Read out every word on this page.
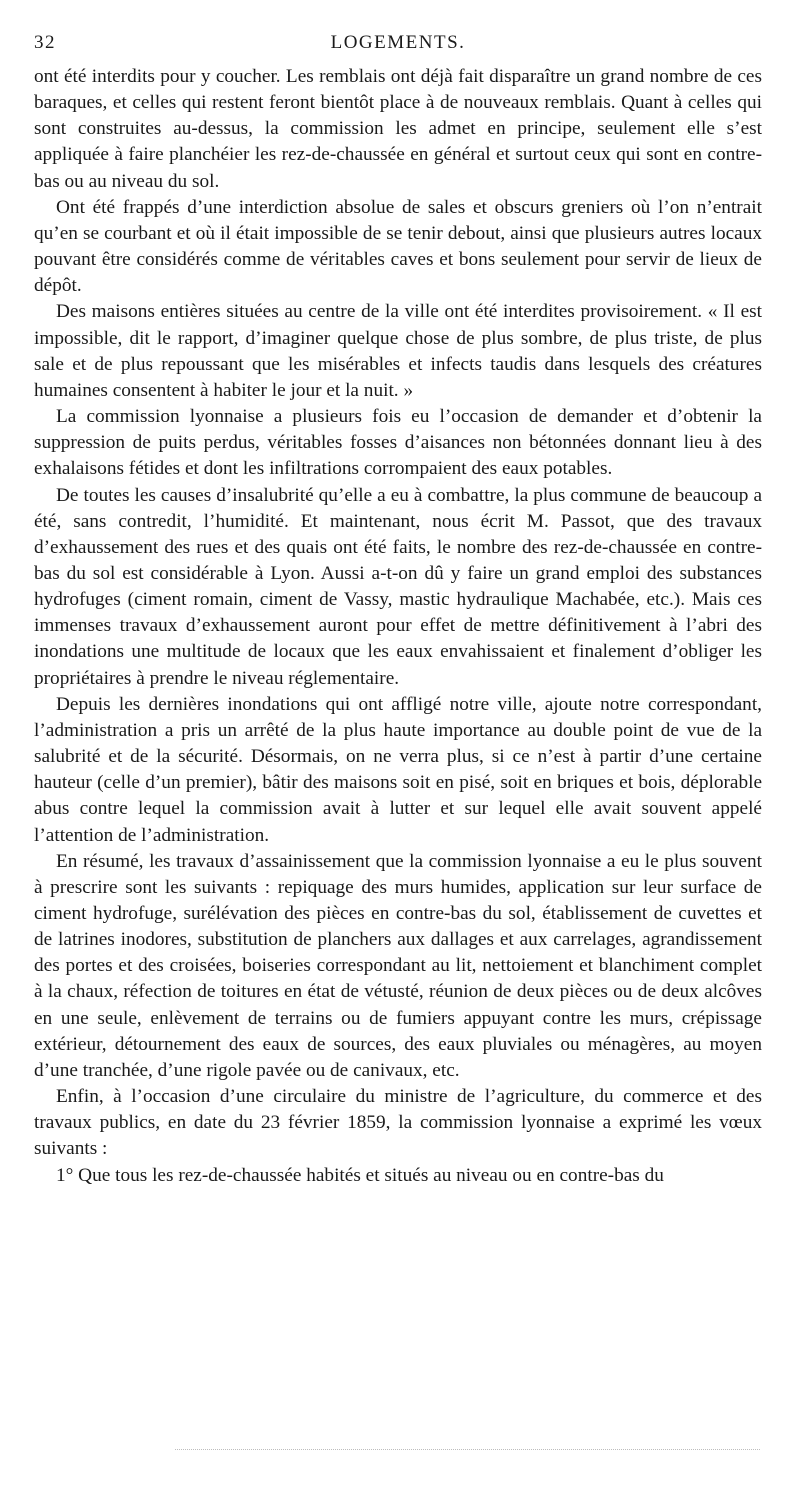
32	LOGEMENTS.

ont été interdits pour y coucher. Les remblais ont déjà fait disparaître un grand nombre de ces baraques, et celles qui restent feront bientôt place à de nouveaux remblais. Quant à celles qui sont construites au-dessus, la commission les admet en principe, seulement elle s’est appliquée à faire planchéier les rez-de-chaussée en général et surtout ceux qui sont en contre-bas ou au niveau du sol.

Ont été frappés d’une interdiction absolue de sales et obscurs greniers où l’on n’entrait qu’en se courbant et où il était impossible de se tenir debout, ainsi que plusieurs autres locaux pouvant être considérés comme de véritables caves et bons seulement pour servir de lieux de dépôt.

Des maisons entières situées au centre de la ville ont été interdites provisoirement. « Il est impossible, dit le rapport, d’imaginer quelque chose de plus sombre, de plus triste, de plus sale et de plus repoussant que les misérables et infects taudis dans lesquels des créatures humaines consentent à habiter le jour et la nuit. »

La commission lyonnaise a plusieurs fois eu l’occasion de demander et d’obtenir la suppression de puits perdus, véritables fosses d’aisances non bétonnées donnant lieu à des exhalaisons fétides et dont les infiltrations corrompaient des eaux potables.

De toutes les causes d’insalubrité qu’elle a eu à combattre, la plus commune de beaucoup a été, sans contredit, l’humidité. Et maintenant, nous écrit M. Passot, que des travaux d’exhaussement des rues et des quais ont été faits, le nombre des rez-de-chaussée en contre-bas du sol est considérable à Lyon. Aussi a-t-on dû y faire un grand emploi des substances hydrofuges (ciment romain, ciment de Vassy, mastic hydraulique Machabée, etc.). Mais ces immenses travaux d’exhaussement auront pour effet de mettre définitivement à l’abri des inondations une multitude de locaux que les eaux envahissaient et finalement d’obliger les propriétaires à prendre le niveau réglementaire.

Depuis les dernières inondations qui ont affligé notre ville, ajoute notre correspondant, l’administration a pris un arrêté de la plus haute importance au double point de vue de la salubrité et de la sécurité. Désormais, on ne verra plus, si ce n’est à partir d’une certaine hauteur (celle d’un premier), bâtir des maisons soit en pisé, soit en briques et bois, déplorable abus contre lequel la commission avait à lutter et sur lequel elle avait souvent appelé l’attention de l’administration.

En résumé, les travaux d’assainissement que la commission lyonnaise a eu le plus souvent à prescrire sont les suivants : repiquage des murs humides, application sur leur surface de ciment hydrofuge, surélévation des pièces en contre-bas du sol, établissement de cuvettes et de latrines inodores, substitution de planchers aux dallages et aux carrelages, agrandissement des portes et des croisées, boiseries correspondant au lit, nettoiement et blanchiment complet à la chaux, réfection de toitures en état de vétusté, réunion de deux pièces ou de deux alcôves en une seule, enlèvement de terrains ou de fumiers appuyant contre les murs, crépissage extérieur, détournement des eaux de sources, des eaux pluviales ou ménagères, au moyen d’une tranchée, d’une rigole pavée ou de canivaux, etc.

Enfin, à l’occasion d’une circulaire du ministre de l’agriculture, du commerce et des travaux publics, en date du 23 février 1859, la commission lyonnaise a exprimé les vœux suivants :

1° Que tous les rez-de-chaussée habités et situés au niveau ou en contre-bas du
